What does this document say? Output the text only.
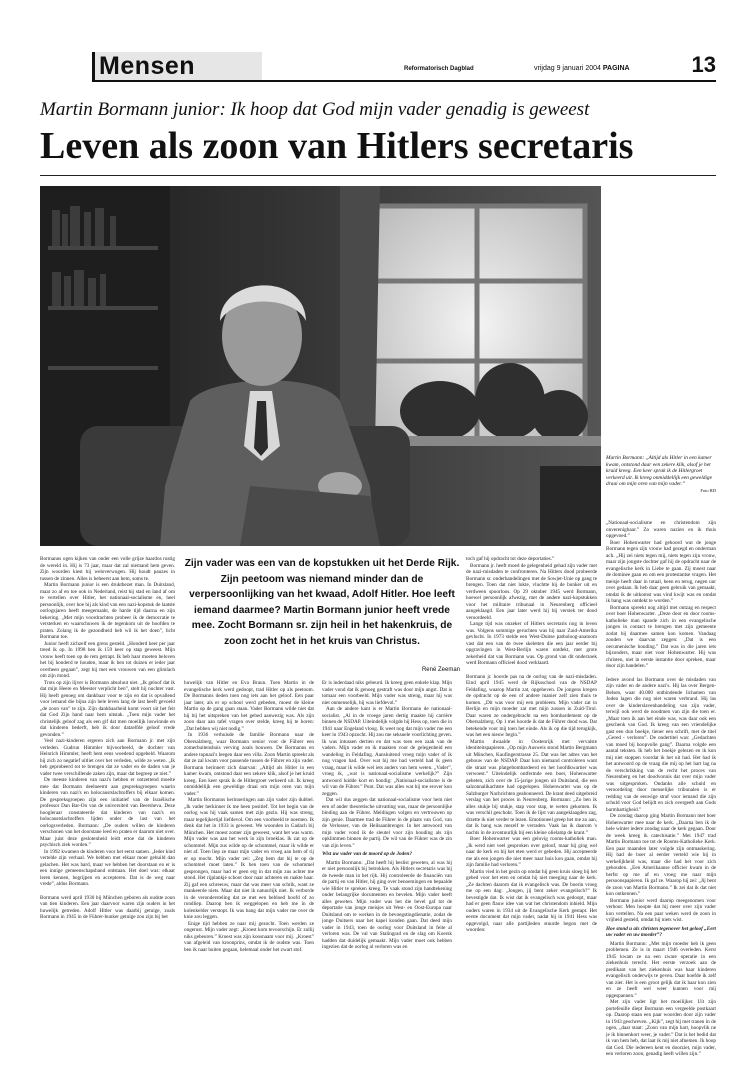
Mensen	Reformatorisch Dagblad	vrijdag 9 januari 2004 PAGINA	13
Martin Bormann junior: Ik hoop dat God mijn vader genadig is geweest
Leven als zoon van Hitlers secretaris
Martin Bormann: „Altijd als Hitler in een kamer kwam, ontstond daar een zekere klik, alsof je het kruid kreeg. Een keer sprak ik de Hitlergroet verkeerd uit. Ik kreeg onmiddellijk een geweldige draai om mijn oren van mijn vader.”
Foto RD
Zijn vader was een van de kopstukken uit het Derde Rijk. Zijn peetoom was niemand minder dan de verpersoonlijking van het kwaad, Adolf Hitler. Hoe leeft iemand daarmee? Martin Bormann junior heeft vrede mee. Zocht Bormann sr. zijn heil in het hakenkruis, de zoon zocht het in het kruis van Christus.
René Zeeman

Bormanns ogen kijken van onder een volle grijze haardos rustig de wereld in. Hij is 73 jaar, maar dat zal niemand hem geven. Zijn woorden kiest hij weloverwogen. Hij houdt pauzes in tussen de zinnen. Alles is beheerst aan hem, soms te.

Martin Bormann junior is een druktbezet man. In Duitsland, maar zo af en toe ook in Nederland, reist hij stad en land af om te vertellen over Hitler, het nationaal-socialisme en, heel persoonlijk, over hoe hij als kind van een nazi-kopstuk de laatste oorlogsjaren heeft meegemaakt, de harde tijd daarna en zijn bekering. „Met mijn voordrachten probeer ik de democratie te versterken en waarschuwen ik de tegenkom uit de hoofden te praten. Zolang ik de gezondheid heb wil ik het doen”, licht Bormann toe.

Junior heeft zichzelf een grens gesteld. „Honderd keer per jaar treed ik op. In 1998 ben ik 159 keer op stap geweest. Mijn vrouw heeft toen op de rem getrapt. Ik heb haar moeten beloven het bij honderd te houden, maar ik ben tot duizen er ieder jaar overheen gegaan”, zegt hij met een vrouwen van een glimlach om zijn mond.

Trots op zijn lijver is Bormann absoluut niet. „Ik geloof dat ik dat mijn Heere en Meester verplicht ben”, stelt hij nuchter vast. Hij heeft genoeg om dankbaar voor te zijn en dat is opvallend voor iemand die bijna zijn hele leven lang de last heeft gevoeld „de zoon van” te zijn. Zijn dankbaarheid komt voort uit het feit dat God Zijn hand naar hem uitstak. „Toen mijn vader het christelijk geloof zag als een gif dat men moeilijk loswinnde en dat kinderen bederft, heb ik door datzelfde geloof vrede gevonden.”

Veel nazi-kinderen ergeren zich aan Bormann jr. met zijn verleden. Gudrun Himmler bijvoorbeeld, de dochter van Heinrich Himmler, heeft hem eens woedend opgebeld. Waarom hij zich zo negatief uitliet over het verleden, wilde ze weten. „Ik heb geprobeerd tot te brengen dat ze vader en de daden van je vader twee verschillende zaken zijn, maar dat begreep ze niet.”

De meeste kinderen van nazi's hebben er ontzettend moeite mee dat Bormann deelneemt aan gespreksgroepen waarin kinderen van nazi's en holocaustslachtoffers bij elkaar komen. De gespreksgroepen zijn een initiatief van de Israëlische professor Dan Bar-On van de universiteit van Beersheva. Deze hoogleraar constateerde dat kinderen van nazi's en holocaustslachtoffers lijden onder de last van het oorlogsverleden. Bormann: „De ouders willen de kinderen verschonen van het doorstane leed en praten er daarom niet over. Maar juist deze geslotenheid leidt ertoe dat de kinderen psychisch ziek worden.”

In 1992 kwamen de kinderen voor het eerst samen. „Ieder kind vertelde zijn verhaal. We hebben met elkaar moer gehuild dan gelachen. Het was hard, maar we hebben het doorstaan en er is een innige gemeenschapsband ontstaan. Het doel was: elkaar leren kennen, begrijpen en accepteren. Dat is de weg naar vrede”, aldus Bormann.

Bormann werd april 1930 bij München geboren als oudste zoon van tien kinderen. Een jaar daarvoor waren zijn ouders in het huwelijk getreden. Adolf Hitler was daarbij getuige, zoals Bormann in 1945 in de Führer-bunker getuige zou zijn bij het

huwelijk van Hitler en Eva Braun. Toen Martin in de evangelische kerk werd gedoopt, trad Hitler op als peetoom. De Bormanns deden toen nog iets aan het geloof. Een paar jaar later, als er op school werd gebeden, moest de kleine Martin op de gang gaan staan. Vader Bormann wilde niet dat hij bij het uitspreken van het gebed aanwezig was. Als zijn zoon daar aan tafel vragen over stelde, kreeg hij te horen: „Dat hebben wij niet nodig.”

In 1936 verhuisde de familie Bormann naar de Obersalzberg, waar Bormann senior voor de Führer een zomerbuitenshuis verving zoals bouwen. De Bormanns en andere topnazi's leegen daar een villa. Zoon Martin spreekt als dat ze zal kwam voor passende tussen de Führer en zijn vader. Bormann herinnert zich daarvan: „Altijd als Hitler in een kamer kwam, ontstond daar een zekere klik, alsof je het kruid kreeg. Een keer sprak ik de Hitlergroet verkeerd uit. Ik kreeg onmiddellijk een geweldige draai om mijn oren van mijn vader.”

Martin Bormanns herinneringen aan zijn vader zijn dubbel. „Ik vader herkinner ik me heen positief. Tot het begin van de oorlog was hij vaak samen met zijn gezin. Hij was streng, maar tegelijkertijd liefdevol. Om een voorbeeld te noemen. Ik denk dat het in 1933 is geweest. We woonden in Gadach bij München. Het moest zomer zijn geweest, want het was warm. Mijn vader was aan het werk in zijn broeklas. Ik zat op de schommel. Mijn zus wilde op de schommel, maar ik wilde er niet af. Toen liep ze maar mijn vader en vroeg aan hem of rij er op mocht. Mijn vader zei: „Zeg hem dat hij te op de schommel moet laten.” Ik ben toen van de schommel gesprongen, maar had er geen erg in dat mijn zus achter me stond. Het rijplankje schoot door naar achteren en raakte haar. Zij gaf een schreeuw, maar dat was meer van schrik, want ze mankeerde niets. Maar dat niet ik natuurlijk niet. Ik verborde in de verondersteling dat ze met een bebloed hoofd of zo rondliep. Daarop ben ik weggelopen en heb me in de kolenkelder verstopt. Ik was bang dat mijn vader me over de knie zou leggen.

Enige tijd hebben ze naar mij gezocht. Toen werden ze ongerust. Mijn vader zegt: „Kroest kom tevoorschijn. Er zullij niks gebeuren.” Kroest was zijn koosnaam voor mij. „Kroest” van afgeleid van kroonprins, omdat ik de oudste was. Toen ben ik naar buiten gegaan, helemaal onder het zwart stof.

Er is inderdaad niks gebeurd. Ik kreeg geen enkele klap. Mijn vader vond dat ik genoeg gestraft was door mijn angst. Dat is tomaar een voorbeeld. Mijn vader was streng, maar hij was niet onmenselijk, hij was liefdevol.”

Aan de andere kant is er Martin Bormann de nationaal-socialist. „Al in de vroege jaren dertig maakte hij carrière binnen de NSDAP. Uiteindelijk volgde hij Hess op, toen die in 1941 naar Engeland vloog. Ik weet nog dat mijn vader me een keer in 1943 opzocht. Hij zou me seksuele voorlichting geven. Ik was intussen dertien en dat was toen een zaak van de vaders. Mijn vader en ik maakten voor de gelegenheid een wandeling in Feldafing. Aansluitend vroeg mijn vader of ik nog vragen had. Over wat hij me had verteld had ik geen vraag, maar ik wilde wel iets anders van hem weten. „Vader”, vroeg ik, „wat is nationaal-socialisme werkelijk?” Zijn antwoord luidde kort en bondig: „Nationaal-socialisme is de wil van de Führer.” Punt. Dat was alles wat hij me erover kon zeggen.

Dat wil dus zeggen dat nationaal-socialisme voor hem niet een of ander theoretische uitvatting was, maar de persoonlijke binding aan de Führer. Meldingen volgen en vertrouwen op zijn genie. Daarmee trad de Führer in de plaats van God, van de Verlosser, van de Heilsaanbrenger. In het antwoord van mijn vader vond ik de sleutel voor zijn houding als zijn opklimmen binnen de partij. De wil van de Führer was de zin van zijn leven.”

Wist uw vader van de moord op de Joden?

Martin Bormann: „Dat heeft hij beslist geweten, al was hij er niet persoonlijk bij betrokken. Als Hitlers secretaris was hij de tweede man in het rijk. Hij controleerde de financiën van de partij en van Hitler, hij ging over benoemingen en bepaalde wie Hitler te spreken kreeg. Te vaak stond zijn handtekening onder belangrijke documenten en bevelen. Mijn vader heeft alles geweten. Mijn vader was het die bevel gaf tot de deportatie van jonge meisjes uit West- en Oost-Europa naar Duitsland om te werken in de bevoegstingdienatie, zodat de jonge Duitsers naar het kapel konden gaan. Dat deed mijn vader in 1943, toen de oorlog voor Duitsland in feite al verloren was. De val van Stalingrad en de slag om Koersk hadden dat duidelijk gemaakt. Mijn vader moet ook hebben ingezien dat de oorlog al verloren was en

toch gaf hij opdracht tot deze deportaties.”

Bormann jr. heeft moed de gelegenheid gehad zijn vader met de nazi-misdaden te confronteren. Na Hitlers dood probeerde Bormann sr. onderhandelingen met de Sowjet-Unie op gang te brengen. Toen dat niet lukte, vluchtte hij de bunker uit en verdween spoorloos. Op 29 oktober 1945 werd Bormann, hoewel persoonlijk afwezig, met de andere nazi-kopstukken voor het militaire tribunaal in Neurenberg officieel aangeklaagd. Een jaar later werd hij bij verstek ter dood veroordeeld.

Lange tijd was onzeker of Hitlers secretaris nog in leven was. Volgens sommige geruchten was hij naar Zuid-Amerika gevlucht. In 1973 stelde een West-Duitse patholoog-anatoom vast dat een van de twee skeletten die een jaar eerder bij opgravingen in West-Berlijn waren ontdekt, met grote zekerheid dat van Bormann was. Op grond van dit onderzoek werd Bormann officieel dood verklaard.

Bormann jr. hoorde pas na de oorlog van de nazi-misdaden. Eind april 1945 werd de Rijksschool van de NSDAP Feldafing, waarop Martin zat, opgeheven. De jongens kregen de opdracht op de een of andere manier zelf zien thuis te komen. „Dit was voor mij een probleem. Mijn vader zat in Berlijn en mijn moeder zat met mijn zussen in Zuid-Tirol. Daar waren ze ondergebracht na een bombardement op de Obersalzberg. Op 1 mei hoorde ik dat de Führer dood was. Dat betekende voor mij toen het einde. Als ik op die tijd terugkijk, was het een nieuw begin.”

Martin dwaalde in Oostenrijk met vervalste identiteitspapieren. „Op mijn Ausweis stond Martin Bergmann uit München, Kaufingerstrasse 25. Dat was het adres van het gebouw van de NSDAP. Daar kon niemand controleren want die straat was platgebombardeerd en het hoofdkwartier was verwoest.” Uiteindelijk ontfermde een boer, Hohenwarter geheten, zich over de 15-jarige jongen uit Duitsland, die een salzonnalikachtste had opgelopen. Hohenwarter was op de Salzburger Nachrichten geabonneerd. De krant deed uitgebreid verslag van het proces in Neurenberg. Bormann: „Zo ben ik alles stukje bij stukje, stap voor stap, te weten gekomen. Ik was verschil geschokt. Toen ik de lijst van aangeklaagden zag, drzette ik niet verder te lezen. Emotioneel greep het me zo aan, dat ik bang was mezelf te verraden. Vaak las ik daarom 's nachts in de avontuurlijk bij een kleine olielamp de krant.”

Boer Hohenwarter was een gelovig rooms-katholiek man. „Ik werd niet veel gesproken over geloof, maar hij ging wel naar de kerk en bij het eten werd er gebeden. Hij accepteerde me als een jongen die niet meer naar huis kon gaan, omdat hij zijn familie had verloren.”

Martin vied in het gezin op omdat hij geen kruis sloeg bij het gebed voor het eten en omdat hij niet meeging naar de kerk. „Ze dachten daarom dat ik evangelisch was. De boerin vroeg me op een dag: „Jongen, jij bent zeker evangelisch?” Ik bevestigde dat. Ik wist dat ik evangelisch was gedoopt, maar had er geen flauw idee van wat het christendom inhield. Mijn ouders waren in 1934 uit de Evangelische Kerk gestapt. Het eerste document dat mijn vader, nadat hij in 1941 Hess was opgevolgd, naar alle partijleden stuurde begon met de woorden:

„Nationaal-socialisme en christendom zijn onverenigbaar.” Zo waren nazien en ik thuis opgevoed.”

Boer Hohenwarter had gehoord wat de jonge Bormann tegen zijn vrouw had gezegd en onderman ach. „Hij zei niets tegen mij, niets tegen zijn vrouw, maar zijn jongste dochter gaf hij de opdracht naar de evangelische kerk in Liebe te gaan. Zij moest naar de dominee gaan en om een protestantse vragen. Het meisje heeft daar in totaal, heen en terug, negen uur over gedaan. Ik heb daar geen gebruik van gemaakt, omdat ik de uitkomst was vind kwijt was en omdat ik bang was ontdekt te worden.”

Bormann spreekt nog altijd met ontzag en respect over boer Hohenwarter. „Deze door en door rooms-katholieke man spande zich in een evangelische jongen in contact te brengen met zijn gemeente zodat hij daarmee samen kon komen. Vandaag zouden we daarvan zeggen: „Dat is een oecumenische houding.” Dat was in die jaren iets bijzonders, maar niet voor Hohenwarter. Hij was christen, niet in eerste instantie door spreken, maar door zijn handelen.”

Iedere avond las Bormann over de misdaden van zijn vader en de andere nazi's. Hij las over Bergen-Belsen, waar 40.000 ontbindende lichamen van Joden lagen die nog niet waren verbrand. Hij las over de kinderslavenhandeling van zijn vader, terwijl ook werd de noodmen van zijn die toen er. „Maar toen ik aan het einde was, was daar ook een geschenk van God. Ik kreeg van een vriendelijke gast een dun boekje, tiener een schrift, met de titel „Gered - verloren”. De ondertitel was: „Gedachten van moed bij hoopvolle gang”. Daarna volgde een aantal teksten. Ik heb het boekje gelezen en ik kon mij niet stoppen voordat ik het uit had. Het had ik het antwoord op de vraag die mij op het hart lag na de verschrikking van de recht het proces van Neurenberg en het doodvonnis dat over mijn vader was uitgesproken. Ondanks alle schuld en veroordeling door menselijke tribunalen is er redding van de eeuwige straf voor iemand die zijn schuld voor God belijdt en zich overgeeft aan Gods barmhartigheid.”

De zondag daarop ging Martin Bormann met boer Hohenwarter mee naar de kerk. „Daarna ben ik de hele winter iedere zondag naar de kerk gegaan. Door de week kreeg ik catechisatie.” Mei 1947 trad Martin Bormann toe tot de Rooms-Katholieke Kerk. Een paar maanden later volgde zijn ontmaskering. Hij had de boer al eerder verteld wie hij in werkelijkheid was, maar die had het voor zich gehouden. „Een Amerikaanse officier kwam in de herfst op me af en vroeg me naar mijn persoonspapieren. Ik gaf ze. Waarop hij zei: „Jij bent de zoon van Martin Bormann.” Ik zei dat ik dat niet kon ontkennen.”

Bormann junior werd daarop meegenomen voor verhoor. Men hoopte dat hij meer over zijn vader kon vertellen. Na een paar weken werd de zoon in vrijheid gesteld, omdat hij niets wist.

Hoe stond u als christen tegenover het geloof „Eert uw vader en uw moeder”?

Martin Bormann: „Met mijn moeder heb ik geen problemen. Ze is in maart 1946 overleden. Kerst 1945 kwam ze na een zware operatie in een ziekenhuis terecht. Het eerste verzoek aan de predikant van het ziekenhuis was haar kinderen evangelisch onderwijs te geven. Daar hoefde ik zelf van ziet. Het is een groot gelijk dat ik haar kon zien en ze heeft wel weer kunnen voor mij opgespannen.”

Met zijn vader ligt het moeilijker. Uit zijn portefeuille diept Bormann een vergeelde postkaart op. Daarop staan een paar woorden door zijn vader in 1943 geschreven. „Kijk”, zegt hij met tranen in de ogen, „daar staat: „Zoon van mijn hart, hoopvlik ne je ik binnenkort weer, je vader.” Dat is het bedid dat ik van hem heb, dat laat ik mij niet afnemen. Ik hoop dat God. Die iedereen kent en doorziet, mijn vader, een verloren zoon, genadig heeft willen zijn.”
